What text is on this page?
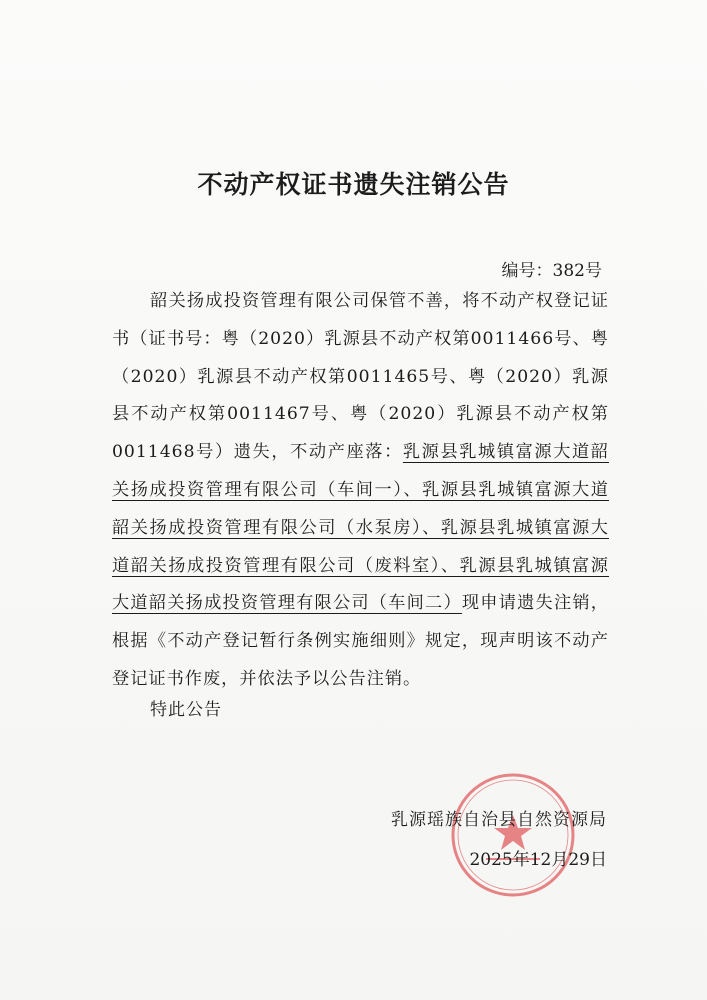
不动产权证书遗失注销公告
编号：382号
韶关扬成投资管理有限公司保管不善，将不动产权登记证书（证书号：粤（2020）乳源县不动产权第0011466号、粤（2020）乳源县不动产权第0011465号、粤（2020）乳源县不动产权第0011467号、粤（2020）乳源县不动产权第0011468号）遗失，不动产座落：乳源县乳城镇富源大道韶关扬成投资管理有限公司（车间一）、乳源县乳城镇富源大道韶关扬成投资管理有限公司（水泵房）、乳源县乳城镇富源大道韶关扬成投资管理有限公司（废料室）、乳源县乳城镇富源大道韶关扬成投资管理有限公司（车间二）现申请遗失注销，根据《不动产登记暂行条例实施细则》规定，现声明该不动产登记证书作废，并依法予以公告注销。
特此公告
乳源瑶族自治县自然资源局
2025年12月29日
